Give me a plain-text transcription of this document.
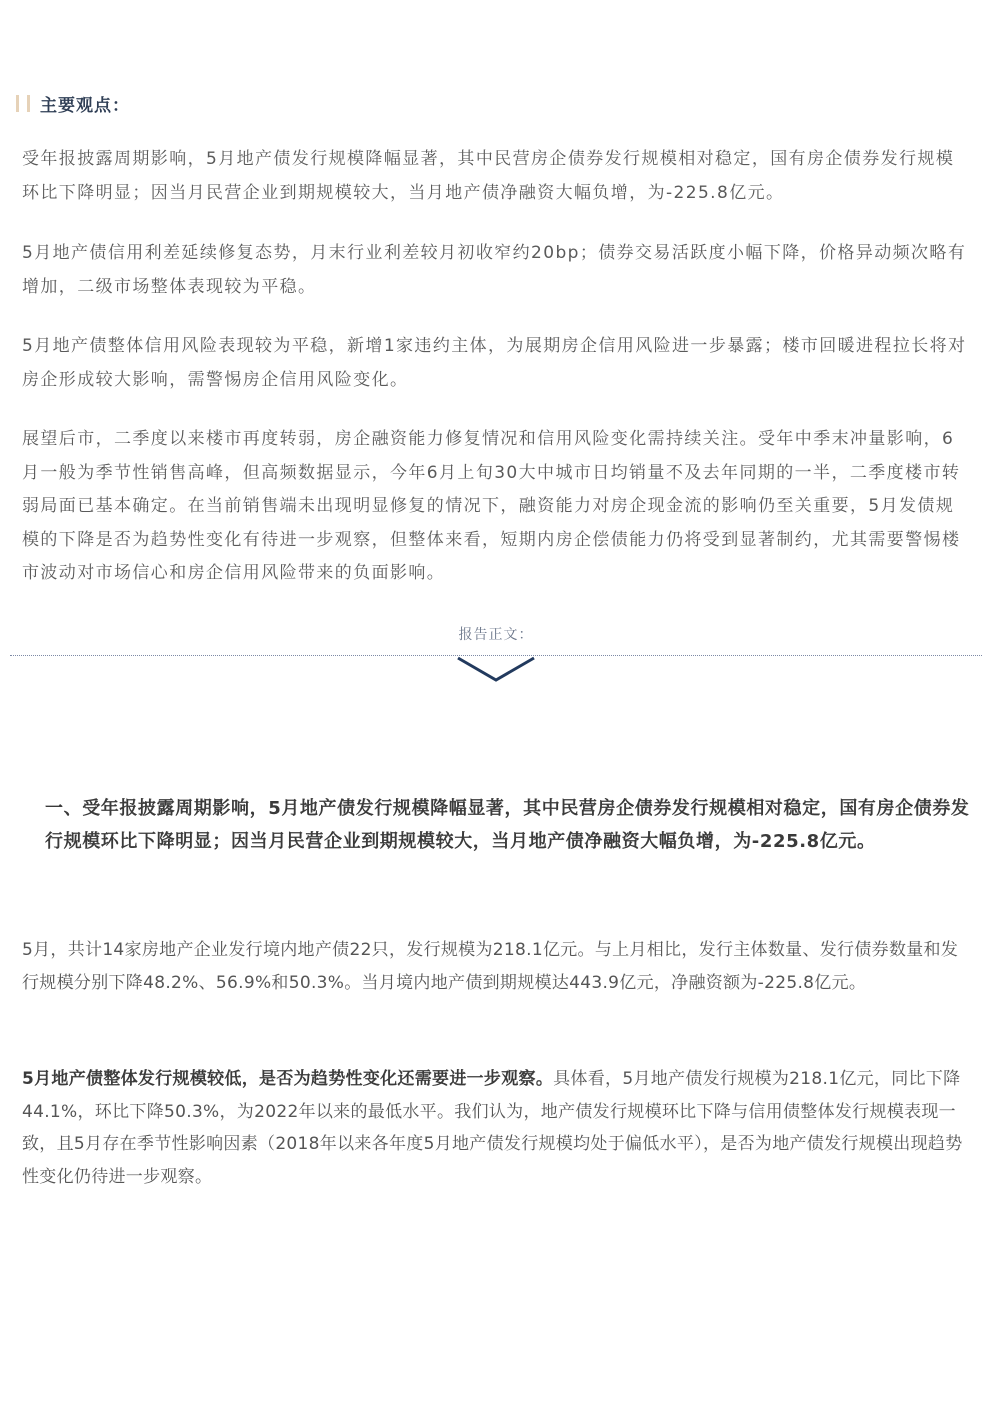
主要观点：

受年报披露周期影响，5月地产债发行规模降幅显著，其中民营房企债券发行规模相对稳定，国有房企债券发行规模环比下降明显；因当月民营企业到期规模较大，当月地产债净融资大幅负增，为-225.8亿元。

5月地产债信用利差延续修复态势，月末行业利差较月初收窄约20bp；债券交易活跃度小幅下降，价格异动频次略有增加，二级市场整体表现较为平稳。

5月地产债整体信用风险表现较为平稳，新增1家违约主体，为展期房企信用风险进一步暴露；楼市回暖进程拉长将对房企形成较大影响，需警惕房企信用风险变化。

展望后市，二季度以来楼市再度转弱，房企融资能力修复情况和信用风险变化需持续关注。受年中季末冲量影响，6月一般为季节性销售高峰，但高频数据显示，今年6月上旬30大中城市日均销量不及去年同期的一半，二季度楼市转弱局面已基本确定。在当前销售端未出现明显修复的情况下，融资能力对房企现金流的影响仍至关重要，5月发债规模的下降是否为趋势性变化有待进一步观察，但整体来看，短期内房企偿债能力仍将受到显著制约，尤其需要警惕楼市波动对市场信心和房企信用风险带来的负面影响。

报告正文：

一、受年报披露周期影响，5月地产债发行规模降幅显著，其中民营房企债券发行规模相对稳定，国有房企债券发行规模环比下降明显；因当月民营企业到期规模较大，当月地产债净融资大幅负增，为-225.8亿元。

5月，共计14家房地产企业发行境内地产债22只，发行规模为218.1亿元。与上月相比，发行主体数量、发行债券数量和发行规模分别下降48.2%、56.9%和50.3%。当月境内地产债到期规模达443.9亿元，净融资额为-225.8亿元。

5月地产债整体发行规模较低，是否为趋势性变化还需要进一步观察。具体看，5月地产债发行规模为218.1亿元，同比下降44.1%，环比下降50.3%，为2022年以来的最低水平。我们认为，地产债发行规模环比下降与信用债整体发行规模表现一致，且5月存在季节性影响因素（2018年以来各年度5月地产债发行规模均处于偏低水平），是否为地产债发行规模出现趋势性变化仍待进一步观察。
